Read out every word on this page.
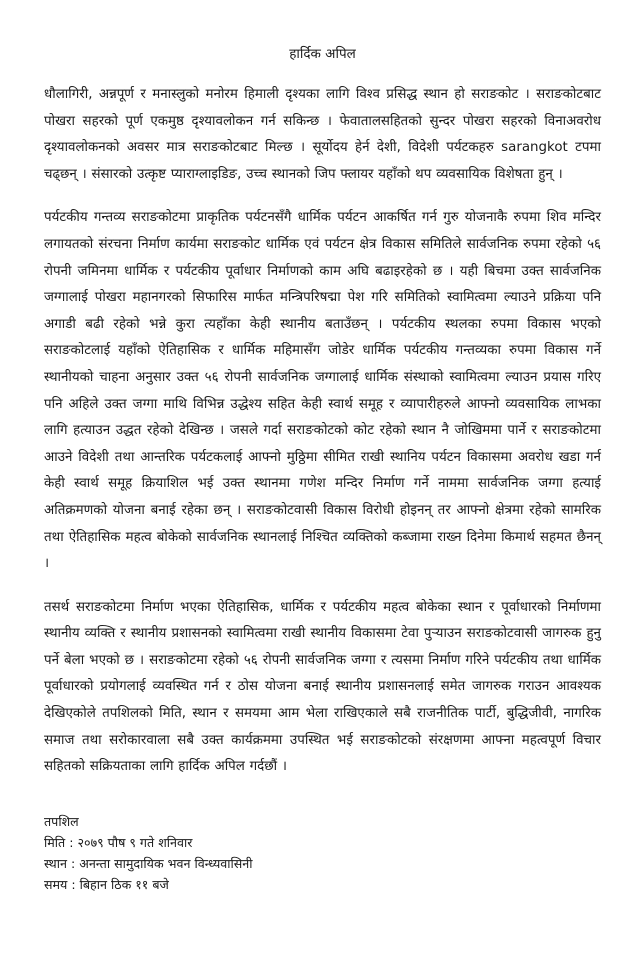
हार्दिक अपिल

धौलागिरी, अन्नपूर्ण र मनास्लुको मनोरम हिमाली दृश्यका लागि विश्व प्रसिद्ध स्थान हो सराङकोट । सराङकोटबाट पोखरा सहरको पूर्ण एकमुष्ठ दृश्यावलोकन गर्न सकिन्छ । फेवातालसहितको सुन्दर पोखरा सहरको विनाअवरोध दृश्यावलोकनको अवसर मात्र सराङकोटबाट मिल्छ । सूर्योदय हेर्न देशी, विदेशी पर्यटकहरु sarangkot टपमा चढ्छन् । संसारको उत्कृष्ट प्याराग्लाइडिङ, उच्च स्थानको जिप फ्लायर यहाँको थप व्यवसायिक विशेषता हुन् ।

पर्यटकीय गन्तव्य सराङकोटमा प्राकृतिक पर्यटनसँगै धार्मिक पर्यटन आकर्षित गर्न गुरु योजनाकै रुपमा शिव मन्दिर लगायतको संरचना निर्माण कार्यमा सराङकोट धार्मिक एवं पर्यटन क्षेत्र विकास समितिले सार्वजनिक रुपमा रहेको ५६ रोपनी जमिनमा धार्मिक र पर्यटकीय पूर्वाधार निर्माणको काम अघि बढाइरहेको छ । यही बिचमा उक्त सार्वजनिक जग्गालाई पोखरा महानगरको सिफारिस मार्फत मन्त्रिपरिषद्मा पेश गरि समितिको स्वामित्वमा ल्याउने प्रक्रिया पनि अगाडी बढी रहेको भन्ने कुरा त्यहाँका केही स्थानीय बताउँछन् । पर्यटकीय स्थलका रुपमा विकास भएको सराङकोटलाई यहाँको ऐतिहासिक र धार्मिक महिमासँग जोडेर धार्मिक पर्यटकीय गन्तव्यका रुपमा विकास गर्ने स्थानीयको चाहना अनुसार उक्त ५६ रोपनी सार्वजनिक जग्गालाई धार्मिक संस्थाको स्वामित्वमा ल्याउन प्रयास गरिए पनि अहिले उक्त जग्गा माथि विभिन्न उद्धेश्य सहित केही स्वार्थ समूह र व्यापारीहरुले आफ्नो व्यवसायिक लाभका लागि हत्याउन उद्धत रहेको देखिन्छ । जसले गर्दा सराङकोटको कोट रहेको स्थान नै जोखिममा पार्ने र सराङकोटमा आउने विदेशी तथा आन्तरिक पर्यटकलाई आफ्नो मुठ्ठिमा सीमित राखी स्थानिय पर्यटन विकासमा अवरोध खडा गर्न केही स्वार्थ समूह क्रियाशिल भई उक्त स्थानमा गणेश मन्दिर निर्माण गर्ने नाममा सार्वजनिक जग्गा हत्याई अतिक्रमणको योजना बनाई रहेका छन् । सराङकोटवासी विकास विरोधी होइनन् तर आफ्नो क्षेत्रमा रहेको सामरिक तथा ऐतिहासिक महत्व बोकेको सार्वजनिक स्थानलाई निश्चित व्यक्तिको कब्जामा राख्न दिनेमा किमार्थ सहमत छैनन् ।

तसर्थ सराङकोटमा निर्माण भएका ऐतिहासिक, धार्मिक र पर्यटकीय महत्व बोकेका स्थान र पूर्वाधारको निर्माणमा स्थानीय व्यक्ति र स्थानीय प्रशासनको स्वामित्वमा राखी स्थानीय विकासमा टेवा पुऱ्याउन सराङकोटवासी जागरुक हुनु पर्ने बेला भएको छ । सराङकोटमा रहेको ५६ रोपनी सार्वजनिक जग्गा र त्यसमा निर्माण गरिने पर्यटकीय तथा धार्मिक पूर्वाधारको प्रयोगलाई व्यवस्थित गर्न र ठोस योजना बनाई स्थानीय प्रशासनलाई समेत जागरुक गराउन आवश्यक देखिएकोले तपशिलको मिति, स्थान र समयमा आम भेला राखिएकाले सबै राजनीतिक पार्टी, बुद्धिजीवी, नागरिक समाज तथा सरोकारवाला सबै उक्त कार्यक्रममा उपस्थित भई सराङकोटको संरक्षणमा आफ्ना महत्वपूर्ण विचार सहितको सक्रियताका लागि हार्दिक अपिल गर्दछौं ।

तपशिल
मिति : २०७९ पौष ९ गते शनिवार
स्थान : अनन्ता सामुदायिक भवन विन्ध्यवासिनी
समय : बिहान ठिक ११ बजे
